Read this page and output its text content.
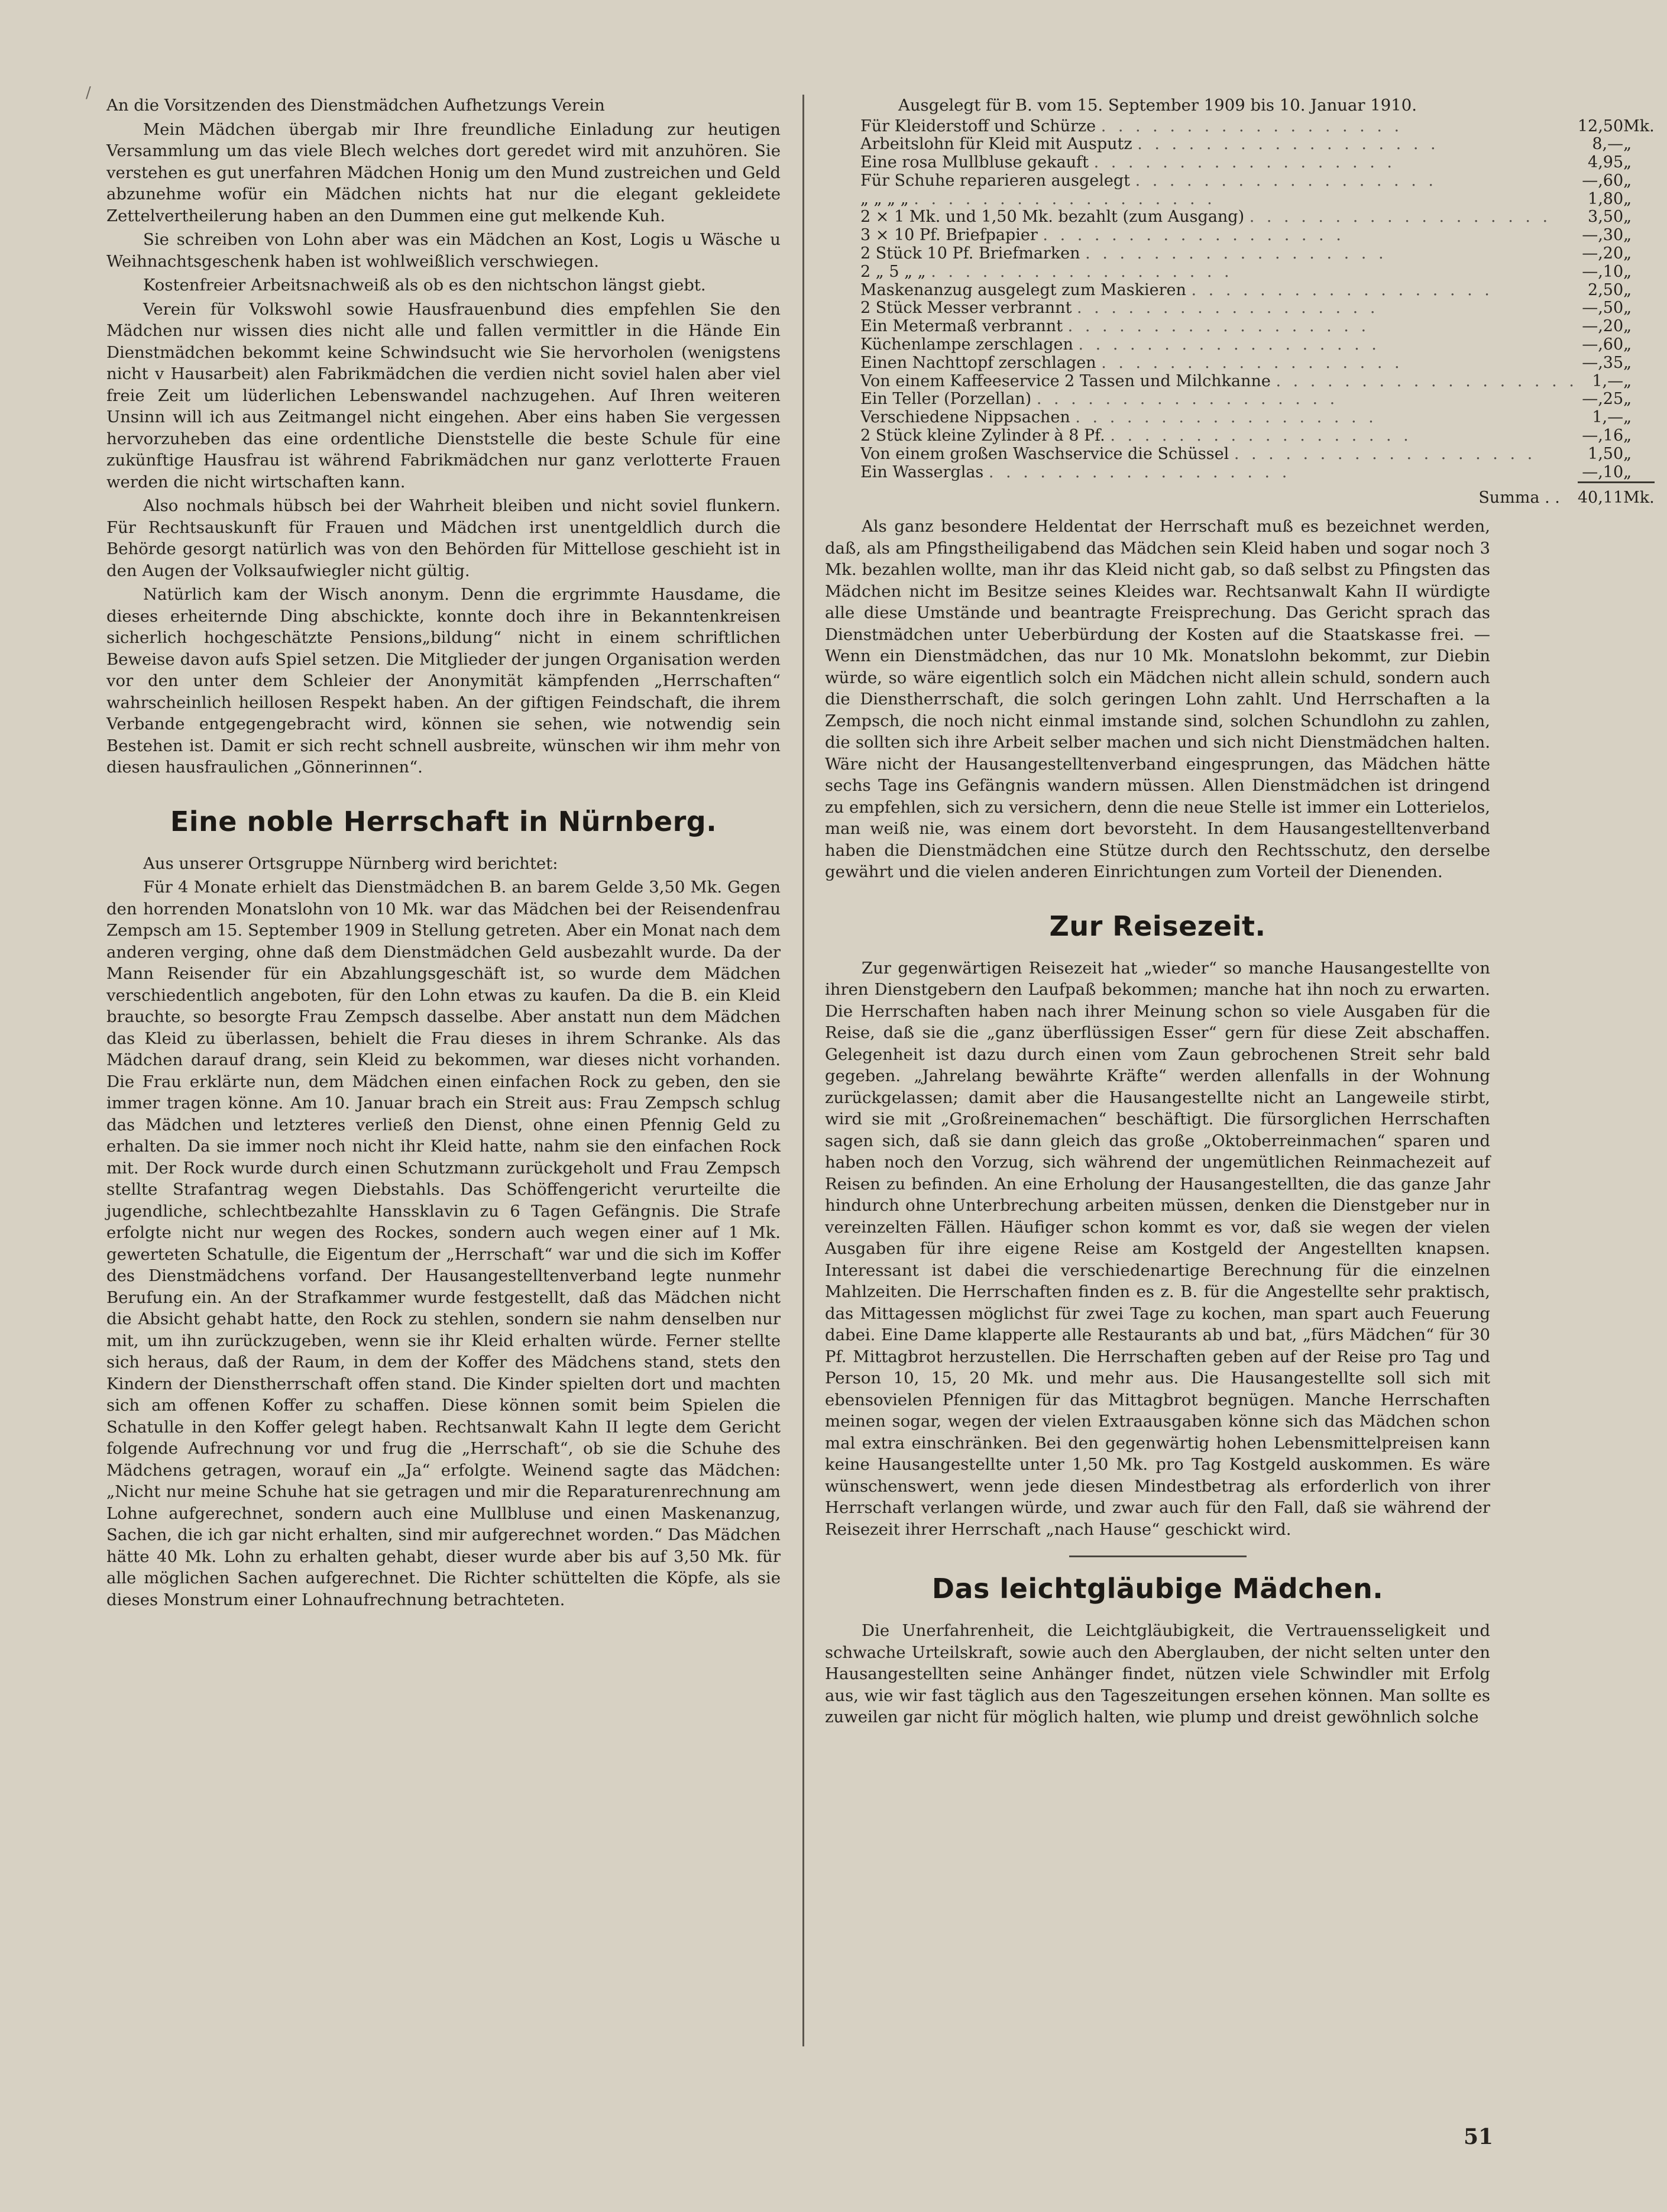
/

An die Vorsitzenden des Dienstmädchen Aufhetzungs Verein

Mein Mädchen übergab mir Ihre freundliche Einladung zur heutigen Versammlung um das viele Blech welches dort geredet wird mit anzuhören. Sie verstehen es gut unerfahren Mädchen Honig um den Mund zustreichen und Geld abzunehme wofür ein Mädchen nichts hat nur die elegant gekleidete Zettelvertheilerung haben an den Dummen eine gut melkende Kuh.

Sie schreiben von Lohn aber was ein Mädchen an Kost, Logis u Wäsche u Weihnachtsgeschenk haben ist wohlweißlich verschwiegen.

Kostenfreier Arbeitsnachweiß als ob es den nichtschon längst giebt.

Verein für Volkswohl sowie Hausfrauenbund dies empfehlen Sie den Mädchen nur wissen dies nicht alle und fallen vermittler in die Hände Ein Dienstmädchen bekommt keine Schwindsucht wie Sie hervorholen (wenigstens nicht v Hausarbeit) alen Fabrikmädchen die verdien nicht soviel halen aber viel freie Zeit um lüderlichen Lebenswandel nachzugehen. Auf Ihren weiteren Unsinn will ich aus Zeitmangel nicht eingehen. Aber eins haben Sie vergessen hervorzuheben das eine ordentliche Dienststelle die beste Schule für eine zukünftige Hausfrau ist während Fabrikmädchen nur ganz verlotterte Frauen werden die nicht wirtschaften kann.

Also nochmals hübsch bei der Wahrheit bleiben und nicht soviel flunkern. Für Rechtsauskunft für Frauen und Mädchen irst unentgeldlich durch die Behörde gesorgt natürlich was von den Behörden für Mittellose geschieht ist in den Augen der Volksaufwiegler nicht gültig.

Natürlich kam der Wisch anonym. Denn die ergrimmte Hausdame, die dieses erheiternde Ding abschickte, konnte doch ihre in Bekanntenkreisen sicherlich hochgeschätzte Pensions„bildung“ nicht in einem schriftlichen Beweise davon aufs Spiel setzen. Die Mitglieder der jungen Organisation werden vor den unter dem Schleier der Anonymität kämpfenden „Herrschaften“ wahrscheinlich heillosen Respekt haben. An der giftigen Feindschaft, die ihrem Verbande entgegengebracht wird, können sie sehen, wie notwendig sein Bestehen ist. Damit er sich recht schnell ausbreite, wünschen wir ihm mehr von diesen hausfraulichen „Gönnerinnen“.

Eine noble Herrschaft in Nürnberg.

Aus unserer Ortsgruppe Nürnberg wird berichtet:

Für 4 Monate erhielt das Dienstmädchen B. an barem Gelde 3,50 Mk. Gegen den horrenden Monatslohn von 10 Mk. war das Mädchen bei der Reisendenfrau Zempsch am 15. September 1909 in Stellung getreten. Aber ein Monat nach dem anderen verging, ohne daß dem Dienstmädchen Geld ausbezahlt wurde. Da der Mann Reisender für ein Abzahlungsgeschäft ist, so wurde dem Mädchen verschiedentlich angeboten, für den Lohn etwas zu kaufen. Da die B. ein Kleid brauchte, so besorgte Frau Zempsch dasselbe. Aber anstatt nun dem Mädchen das Kleid zu überlassen, behielt die Frau dieses in ihrem Schranke. Als das Mädchen darauf drang, sein Kleid zu bekommen, war dieses nicht vorhanden. Die Frau erklärte nun, dem Mädchen einen einfachen Rock zu geben, den sie immer tragen könne. Am 10. Januar brach ein Streit aus: Frau Zempsch schlug das Mädchen und letzteres verließ den Dienst, ohne einen Pfennig Geld zu erhalten. Da sie immer noch nicht ihr Kleid hatte, nahm sie den einfachen Rock mit. Der Rock wurde durch einen Schutzmann zurückgeholt und Frau Zempsch stellte Strafantrag wegen Diebstahls. Das Schöffengericht verurteilte die jugendliche, schlechtbezahlte Hanssklavin zu 6 Tagen Gefängnis. Die Strafe erfolgte nicht nur wegen des Rockes, sondern auch wegen einer auf 1 Mk. gewerteten Schatulle, die Eigentum der „Herrschaft“ war und die sich im Koffer des Dienstmädchens vorfand. Der Hausangestelltenverband legte nunmehr Berufung ein. An der Strafkammer wurde festgestellt, daß das Mädchen nicht die Absicht gehabt hatte, den Rock zu stehlen, sondern sie nahm denselben nur mit, um ihn zurückzugeben, wenn sie ihr Kleid erhalten würde. Ferner stellte sich heraus, daß der Raum, in dem der Koffer des Mädchens stand, stets den Kindern der Dienstherrschaft offen stand. Die Kinder spielten dort und machten sich am offenen Koffer zu schaffen. Diese können somit beim Spielen die Schatulle in den Koffer gelegt haben. Rechtsanwalt Kahn II legte dem Gericht folgende Aufrechnung vor und frug die „Herrschaft“, ob sie die Schuhe des Mädchens getragen, worauf ein „Ja“ erfolgte. Weinend sagte das Mädchen: „Nicht nur meine Schuhe hat sie getragen und mir die Reparaturenrechnung am Lohne aufgerechnet, sondern auch eine Mullbluse und einen Maskenanzug, Sachen, die ich gar nicht erhalten, sind mir aufgerechnet worden.“ Das Mädchen hätte 40 Mk. Lohn zu erhalten gehabt, dieser wurde aber bis auf 3,50 Mk. für alle möglichen Sachen aufgerechnet. Die Richter schüttelten die Köpfe, als sie dieses Monstrum einer Lohnaufrechnung betrachteten.

Ausgelegt für B. vom 15. September 1909 bis 10. Januar 1910.
Für Kleiderstoff und Schürze . . . . . . . . . . . . . . . . . .	12,50	Mk.
Arbeitslohn für Kleid mit Ausputz . . . . . . . . . . . . . . . . . .	8,—	„
Eine rosa Mullbluse gekauft . . . . . . . . . . . . . . . . . .	4,95	„
Für Schuhe reparieren ausgelegt . . . . . . . . . . . . . . . . . .	—,60	„
„ „ „ „ . . . . . . . . . . . . . . . . . .	1,80	„
2 × 1 Mk. und 1,50 Mk. bezahlt (zum Ausgang) . . . . . . . . . . . . . . . . . .	3,50	„
3 × 10 Pf. Briefpapier . . . . . . . . . . . . . . . . . .	—,30	„
2 Stück 10 Pf. Briefmarken . . . . . . . . . . . . . . . . . .	—,20	„
2 „ 5 „ „ . . . . . . . . . . . . . . . . . .	—,10	„
Maskenanzug ausgelegt zum Maskieren . . . . . . . . . . . . . . . . . .	2,50	„
2 Stück Messer verbrannt . . . . . . . . . . . . . . . . . .	—,50	„
Ein Metermaß verbrannt . . . . . . . . . . . . . . . . . .	—,20	„
Küchenlampe zerschlagen . . . . . . . . . . . . . . . . . .	—,60	„
Einen Nachttopf zerschlagen . . . . . . . . . . . . . . . . . .	—,35	„
Von einem Kaffeeservice 2 Tassen und Milchkanne . . . . . . . . . . . . . . . . . .	1,—	„
Ein Teller (Porzellan) . . . . . . . . . . . . . . . . . .	—,25	„
Verschiedene Nippsachen . . . . . . . . . . . . . . . . . .	1,—	„
2 Stück kleine Zylinder à 8 Pf. . . . . . . . . . . . . . . . . . .	—,16	„
Von einem großen Waschservice die Schüssel . . . . . . . . . . . . . . . . . .	1,50	„
Ein Wasserglas . . . . . . . . . . . . . . . . . .	—,10	„
Summa . .	40,11	Mk.

Als ganz besondere Heldentat der Herrschaft muß es bezeichnet werden, daß, als am Pfingstheiligabend das Mädchen sein Kleid haben und sogar noch 3 Mk. bezahlen wollte, man ihr das Kleid nicht gab, so daß selbst zu Pfingsten das Mädchen nicht im Besitze seines Kleides war. Rechtsanwalt Kahn II würdigte alle diese Umstände und beantragte Freisprechung. Das Gericht sprach das Dienstmädchen unter Ueberbürdung der Kosten auf die Staatskasse frei. — Wenn ein Dienstmädchen, das nur 10 Mk. Monatslohn bekommt, zur Diebin würde, so wäre eigentlich solch ein Mädchen nicht allein schuld, sondern auch die Dienstherrschaft, die solch geringen Lohn zahlt. Und Herrschaften a la Zempsch, die noch nicht einmal imstande sind, solchen Schundlohn zu zahlen, die sollten sich ihre Arbeit selber machen und sich nicht Dienstmädchen halten. Wäre nicht der Hausangestelltenverband eingesprungen, das Mädchen hätte sechs Tage ins Gefängnis wandern müssen. Allen Dienstmädchen ist dringend zu empfehlen, sich zu versichern, denn die neue Stelle ist immer ein Lotterielos, man weiß nie, was einem dort bevorsteht. In dem Hausangestelltenverband haben die Dienstmädchen eine Stütze durch den Rechtsschutz, den derselbe gewährt und die vielen anderen Einrichtungen zum Vorteil der Dienenden.

Zur Reisezeit.

Zur gegenwärtigen Reisezeit hat „wieder“ so manche Hausangestellte von ihren Dienstgebern den Laufpaß bekommen; manche hat ihn noch zu erwarten. Die Herrschaften haben nach ihrer Meinung schon so viele Ausgaben für die Reise, daß sie die „ganz überflüssigen Esser“ gern für diese Zeit abschaffen. Gelegenheit ist dazu durch einen vom Zaun gebrochenen Streit sehr bald gegeben. „Jahrelang bewährte Kräfte“ werden allenfalls in der Wohnung zurückgelassen; damit aber die Hausangestellte nicht an Langeweile stirbt, wird sie mit „Großreinemachen“ beschäftigt. Die fürsorglichen Herrschaften sagen sich, daß sie dann gleich das große „Oktoberreinmachen“ sparen und haben noch den Vorzug, sich während der ungemütlichen Reinmachezeit auf Reisen zu befinden. An eine Erholung der Hausangestellten, die das ganze Jahr hindurch ohne Unterbrechung arbeiten müssen, denken die Dienstgeber nur in vereinzelten Fällen. Häufiger schon kommt es vor, daß sie wegen der vielen Ausgaben für ihre eigene Reise am Kostgeld der Angestellten knapsen. Interessant ist dabei die verschiedenartige Berechnung für die einzelnen Mahlzeiten. Die Herrschaften finden es z. B. für die Angestellte sehr praktisch, das Mittagessen möglichst für zwei Tage zu kochen, man spart auch Feuerung dabei. Eine Dame klapperte alle Restaurants ab und bat, „fürs Mädchen“ für 30 Pf. Mittagbrot herzustellen. Die Herrschaften geben auf der Reise pro Tag und Person 10, 15, 20 Mk. und mehr aus. Die Hausangestellte soll sich mit ebensovielen Pfennigen für das Mittagbrot begnügen. Manche Herrschaften meinen sogar, wegen der vielen Extraausgaben könne sich das Mädchen schon mal extra einschränken. Bei den gegenwärtig hohen Lebensmittelpreisen kann keine Hausangestellte unter 1,50 Mk. pro Tag Kostgeld auskommen. Es wäre wünschenswert, wenn jede diesen Mindestbetrag als erforderlich von ihrer Herrschaft verlangen würde, und zwar auch für den Fall, daß sie während der Reisezeit ihrer Herrschaft „nach Hause“ geschickt wird.

Das leichtgläubige Mädchen.

Die Unerfahrenheit, die Leichtgläubigkeit, die Vertrauensseligkeit und schwache Urteilskraft, sowie auch den Aberglauben, der nicht selten unter den Hausangestellten seine Anhänger findet, nützen viele Schwindler mit Erfolg aus, wie wir fast täglich aus den Tageszeitungen ersehen können. Man sollte es zuweilen gar nicht für möglich halten, wie plump und dreist gewöhnlich solche

51
